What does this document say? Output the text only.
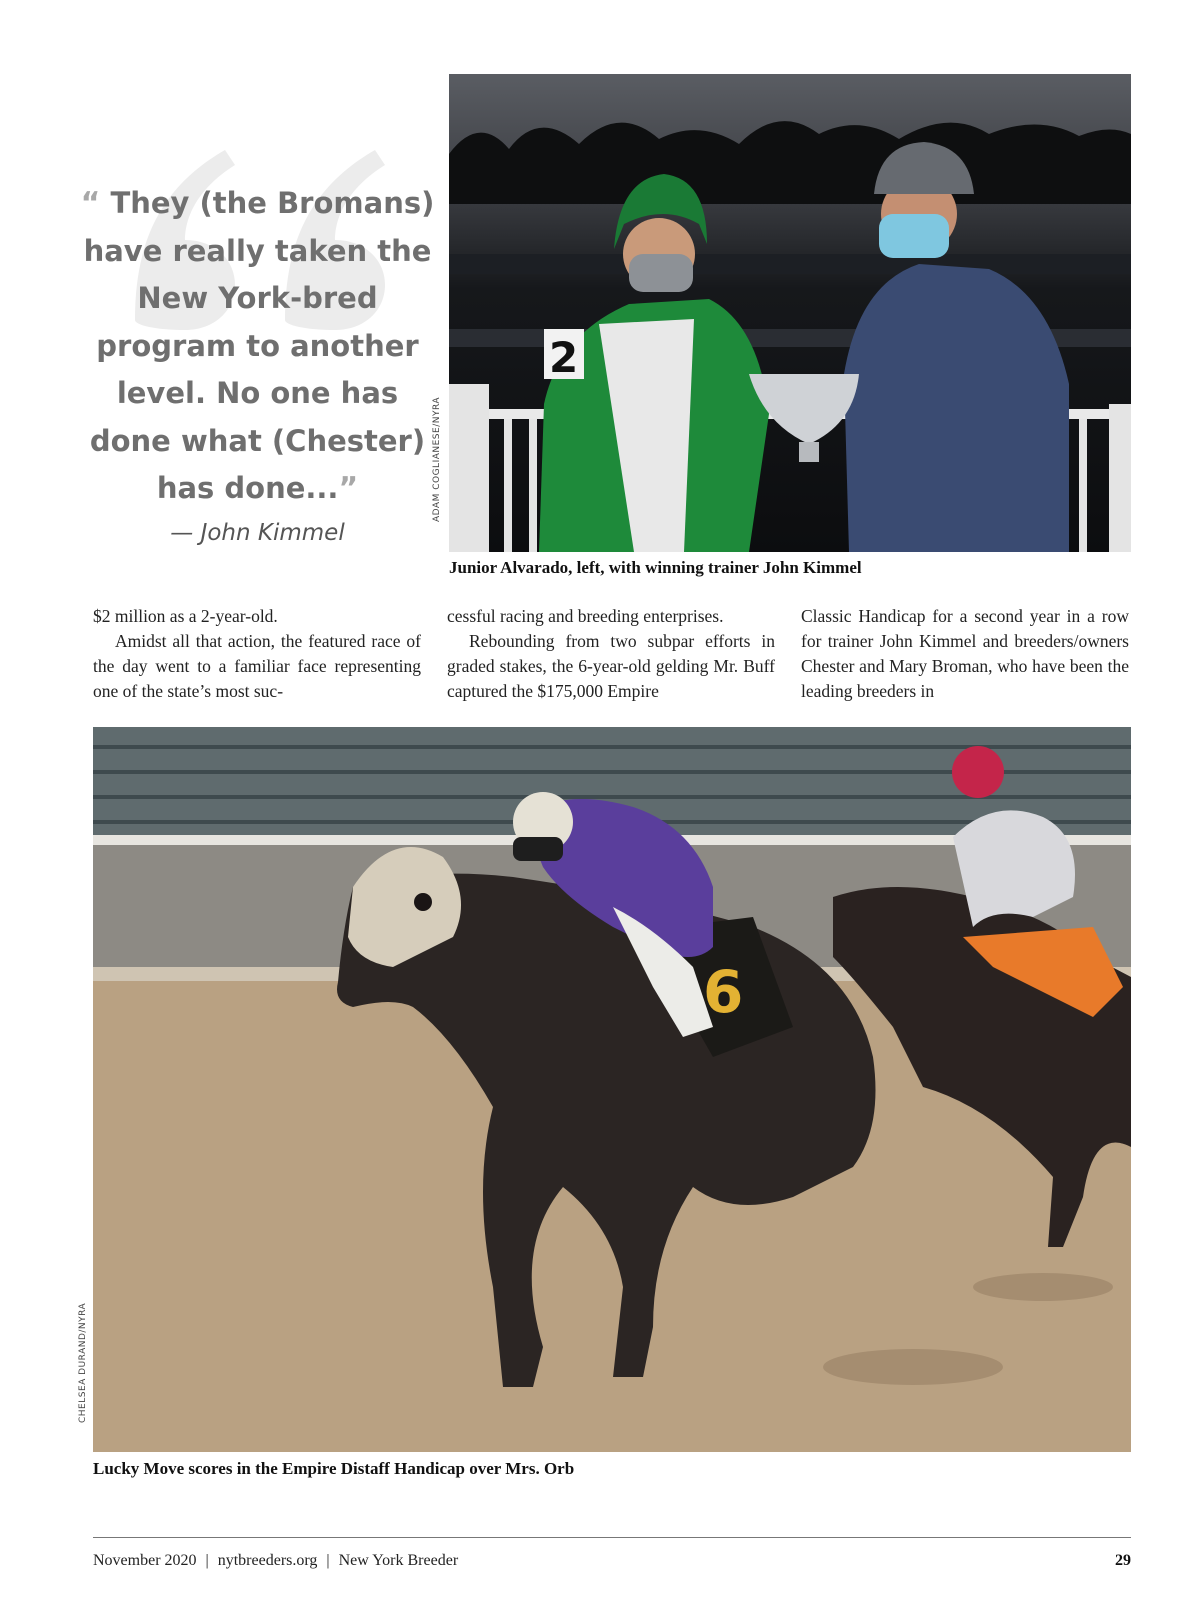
“ They (the Bromans) have really taken the New York-bred program to another level. No one has done what (Chester) has done...”
— John Kimmel
2
ADAM COGLIANESE/NYRA
Junior Alvarado, left, with winning trainer John Kimmel

$2 million as a 2-year-old.

Amidst all that action, the featured race of the day went to a familiar face representing one of the state’s most suc-

cessful racing and breeding enterprises.

Rebounding from two subpar efforts in graded stakes, the 6-year-old gelding Mr. Buff captured the $175,000 Empire

Classic Handicap for a second year in a row for trainer John Kimmel and breeders/owners Chester and Mary Broman, who have been the leading breeders in

6
CHELSEA DURAND/NYRA
Lucky Move scores in the Empire Distaff Handicap over Mrs. Orb
November 2020 | nytbreeders.org | New York Breeder	29
